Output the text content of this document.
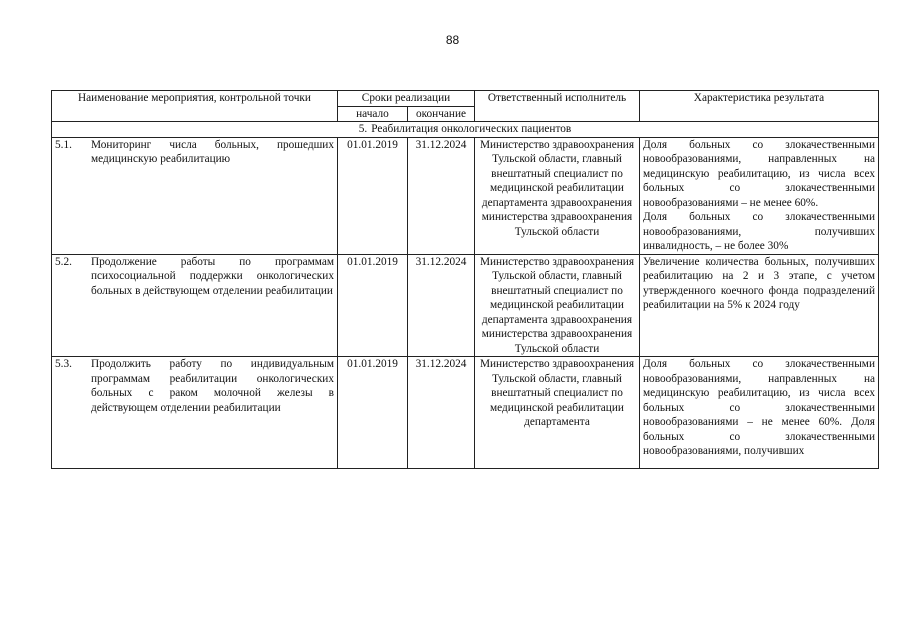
88
Наименование мероприятия, контрольной точки	Сроки реализации		Ответственный исполнитель	Характеристика результата
	начало	окончание		
5. Реабилитация онкологических пациентов				

5.1. Мониторинг числа больных, прошедших медицинскую реабилитацию	01.01.2019	31.12.2024	Министерство здравоохранения Тульской области, главный внештатный специалист по медицинской реабилитации департамента здравоохранения министерства здравоохранения Тульской области	Доля больных со злокачественными новообразованиями, направленных на медицинскую реабилитацию, из числа всех больных со злокачественными новообразованиями – не менее 60%.
Доля больных со злокачественными новообразованиями, получивших инвалидность, – не более 30%

5.2. Продолжение работы по программам психосоциальной поддержки онкологических больных в действующем отделении реабилитации	01.01.2019	31.12.2024	Министерство здравоохранения Тульской области, главный внештатный специалист по медицинской реабилитации департамента здравоохранения министерства здравоохранения Тульской области	Увеличение количества больных, получивших реабилитацию на 2 и 3 этапе, с учетом утвержденного коечного фонда подразделений реабилитации на 5% к 2024 году

5.3. Продолжить работу по индивидуальным программам реабилитации онкологических больных с раком молочной железы в действующем отделении реабилитации	01.01.2019	31.12.2024	Министерство здравоохранения Тульской области, главный внештатный специалист по медицинской реабилитации департамента	Доля больных со злокачественными новообразованиями, направленных на медицинскую реабилитацию, из числа всех больных со злокачественными новообразованиями – не менее 60%. Доля больных со злокачественными новообразованиями, получивших
